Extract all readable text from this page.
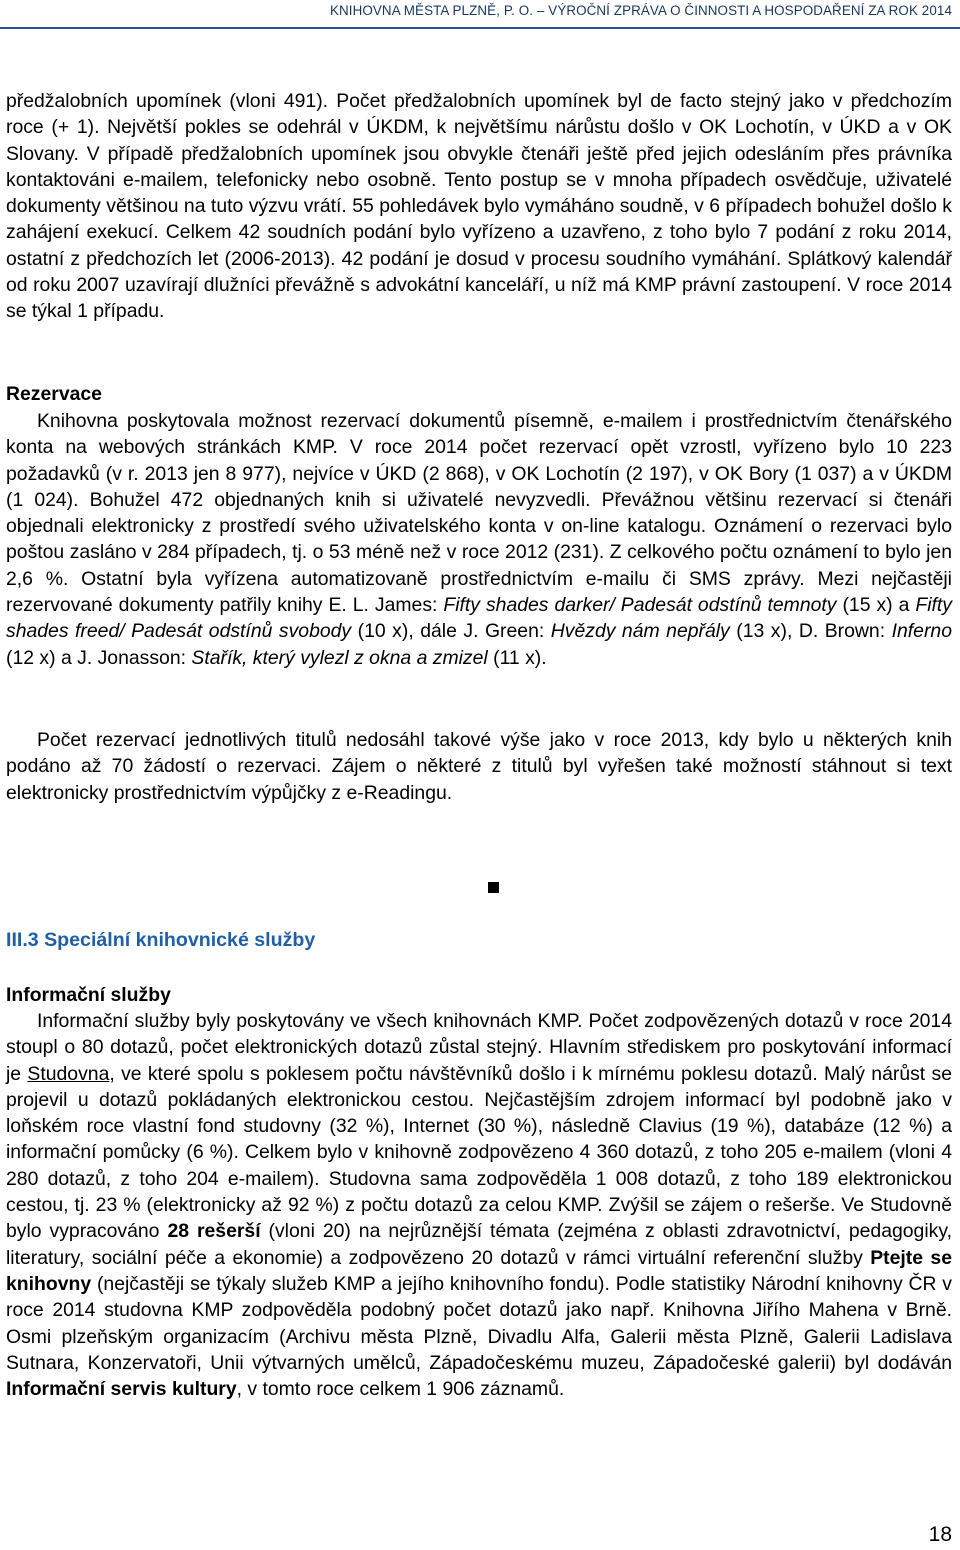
KNIHOVNA MĚSTA PLZNĚ, P. O. – VÝROČNÍ ZPRÁVA O ČINNOSTI A HOSPODAŘENÍ ZA ROK 2014

předžalobních upomínek (vloni 491). Počet předžalobních upomínek byl de facto stejný jako v předchozím roce (+ 1). Největší pokles se odehrál v ÚKDM, k největšímu nárůstu došlo v OK Lochotín, v ÚKD a v OK Slovany. V případě předžalobních upomínek jsou obvykle čtenáři ještě před jejich odesláním přes právníka kontaktováni e-mailem, telefonicky nebo osobně. Tento postup se v mnoha případech osvědčuje, uživatelé dokumenty většinou na tuto výzvu vrátí. 55 pohledávek bylo vymáháno soudně, v 6 případech bohužel došlo k zahájení exekucí. Celkem 42 soudních podání bylo vyřízeno a uzavřeno, z toho bylo 7 podání z roku 2014, ostatní z předchozích let (2006-2013). 42 podání je dosud v procesu soudního vymáhání. Splátkový kalendář od roku 2007 uzavírají dlužníci převážně s advokátní kanceláří, u níž má KMP právní zastoupení. V roce 2014 se týkal 1 případu.

Rezervace

Knihovna poskytovala možnost rezervací dokumentů písemně, e-mailem i prostřednictvím čtenářského konta na webových stránkách KMP. V roce 2014 počet rezervací opět vzrostl, vyřízeno bylo 10 223 požadavků (v r. 2013 jen 8 977), nejvíce v ÚKD (2 868), v OK Lochotín (2 197), v OK Bory (1 037) a v ÚKDM (1 024). Bohužel 472 objednaných knih si uživatelé nevyzvedli. Převážnou většinu rezervací si čtenáři objednali elektronicky z prostředí svého uživatelského konta v on-line katalogu. Oznámení o rezervaci bylo poštou zasláno v 284 případech, tj. o 53 méně než v roce 2012 (231). Z celkového počtu oznámení to bylo jen 2,6 %. Ostatní byla vyřízena automatizovaně prostřednictvím e-mailu či SMS zprávy. Mezi nejčastěji rezervované dokumenty patřily knihy E. L. James: Fifty shades darker/ Padesát odstínů temnoty (15 x) a Fifty shades freed/ Padesát odstínů svobody (10 x), dále J. Green: Hvězdy nám nepřály (13 x), D. Brown: Inferno (12 x) a J. Jonasson: Stařík, který vylezl z okna a zmizel (11 x).

Počet rezervací jednotlivých titulů nedosáhl takové výše jako v roce 2013, kdy bylo u některých knih podáno až 70 žádostí o rezervaci. Zájem o některé z titulů byl vyřešen také možností stáhnout si text elektronicky prostřednictvím výpůjčky z e-Readingu.

III.3 Speciální knihovnické služby

Informační služby

Informační služby byly poskytovány ve všech knihovnách KMP. Počet zodpovězených dotazů v roce 2014 stoupl o 80 dotazů, počet elektronických dotazů zůstal stejný. Hlavním střediskem pro poskytování informací je Studovna, ve které spolu s poklesem počtu návštěvníků došlo i k mírnému poklesu dotazů. Malý nárůst se projevil u dotazů pokládaných elektronickou cestou. Nejčastějším zdrojem informací byl podobně jako v loňském roce vlastní fond studovny (32 %), Internet (30 %), následně Clavius (19 %), databáze (12 %) a informační pomůcky (6 %). Celkem bylo v knihovně zodpovězeno 4 360 dotazů, z toho 205 e-mailem (vloni 4 280 dotazů, z toho 204 e-mailem). Studovna sama zodpověděla 1 008 dotazů, z toho 189 elektronickou cestou, tj. 23 % (elektronicky až 92 %) z počtu dotazů za celou KMP. Zvýšil se zájem o rešerše. Ve Studovně bylo vypracováno 28 rešerší (vloni 20) na nejrůznější témata (zejména z oblasti zdravotnictví, pedagogiky, literatury, sociální péče a ekonomie) a zodpovězeno 20 dotazů v rámci virtuální referenční služby Ptejte se knihovny (nejčastěji se týkaly služeb KMP a jejího knihovního fondu). Podle statistiky Národní knihovny ČR v roce 2014 studovna KMP zodpověděla podobný počet dotazů jako např. Knihovna Jiřího Mahena v Brně. Osmi plzeňským organizacím (Archivu města Plzně, Divadlu Alfa, Galerii města Plzně, Galerii Ladislava Sutnara, Konzervatoři, Unii výtvarných umělců, Západočeskému muzeu, Západočeské galerii) byl dodáván Informační servis kultury, v tomto roce celkem 1 906 záznamů.

18
